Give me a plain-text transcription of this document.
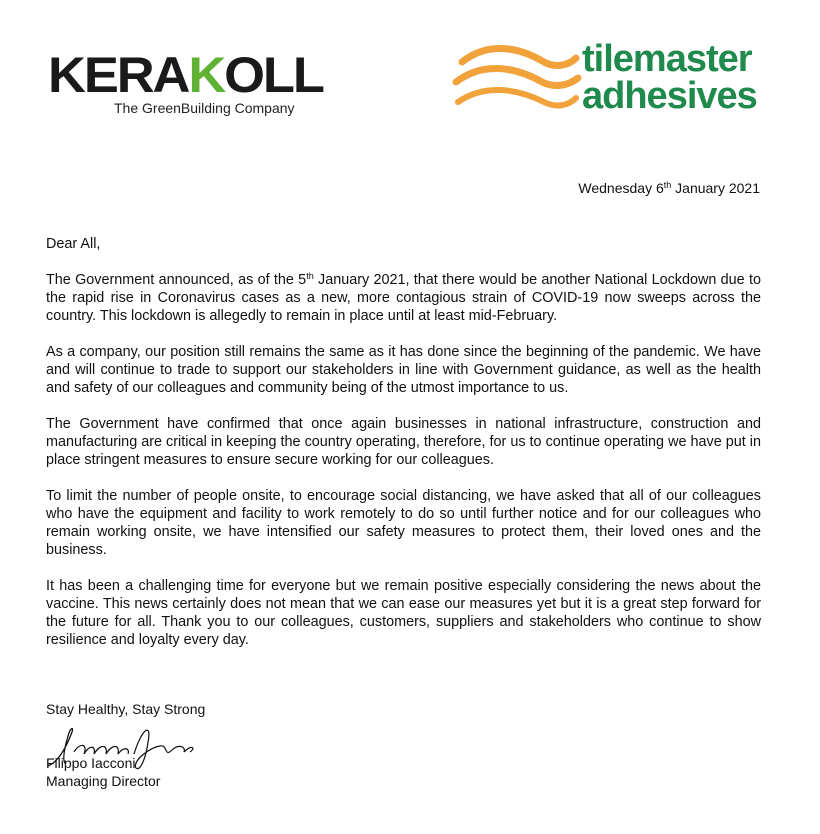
KERAKOLL
The GreenBuilding Company
tilemaster
adhesives
Wednesday 6th January 2021
Dear All,

The Government announced, as of the 5th January 2021, that there would be another National Lockdown due to the rapid rise in Coronavirus cases as a new, more contagious strain of COVID-19 now sweeps across the country. This lockdown is allegedly to remain in place until at least mid-February.

As a company, our position still remains the same as it has done since the beginning of the pandemic. We have and will continue to trade to support our stakeholders in line with Government guidance, as well as the health and safety of our colleagues and community being of the utmost importance to us.

The Government have confirmed that once again businesses in national infrastructure, construction and manufacturing are critical in keeping the country operating, therefore, for us to continue operating we have put in place stringent measures to ensure secure working for our colleagues.

To limit the number of people onsite, to encourage social distancing, we have asked that all of our colleagues who have the equipment and facility to work remotely to do so until further notice and for our colleagues who remain working onsite, we have intensified our safety measures to protect them, their loved ones and the business.

It has been a challenging time for everyone but we remain positive especially considering the news about the vaccine. This news certainly does not mean that we can ease our measures yet but it is a great step forward for the future for all. Thank you to our colleagues, customers, suppliers and stakeholders who continue to show resilience and loyalty every day.

Stay Healthy, Stay Strong
Filippo Iacconi
Managing Director
